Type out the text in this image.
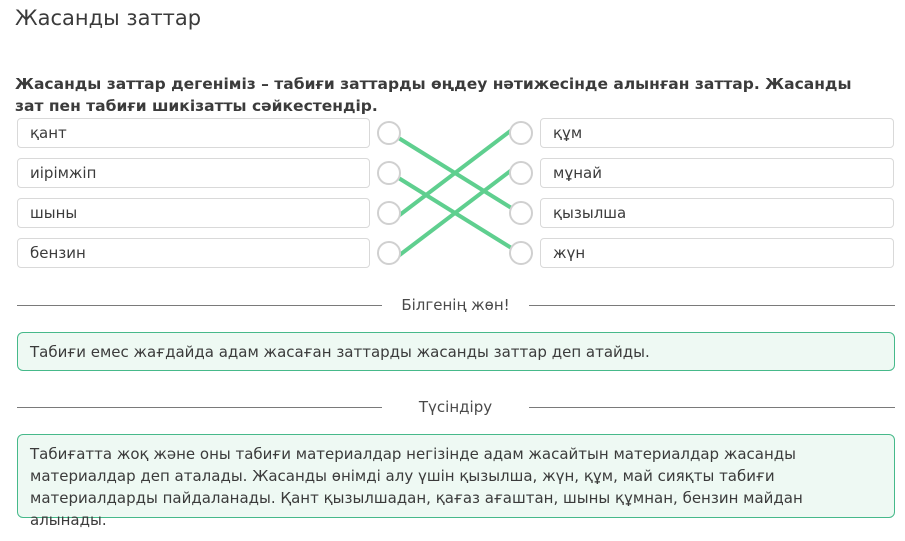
Жасанды заттар
Жасанды заттар дегеніміз – табиғи заттарды өңдеу нәтижесінде алынған заттар. Жасанды зат пен табиғи шикізатты сәйкестендір.
қант
иірімжіп
шыны
бензин
құм
мұнай
қызылша
жүн
Білгенің жөн!
Табиғи емес жағдайда адам жасаған заттарды жасанды заттар деп атайды.
Түсіндіру
Табиғатта жоқ және оны табиғи материалдар негізінде адам жасайтын материалдар жасанды материалдар деп аталады. Жасанды өнімді алу үшін қызылша, жүн, құм, май сияқты табиғи материалдарды пайдаланады. Қант қызылшадан, қағаз ағаштан, шыны құмнан, бензин майдан алынады.
